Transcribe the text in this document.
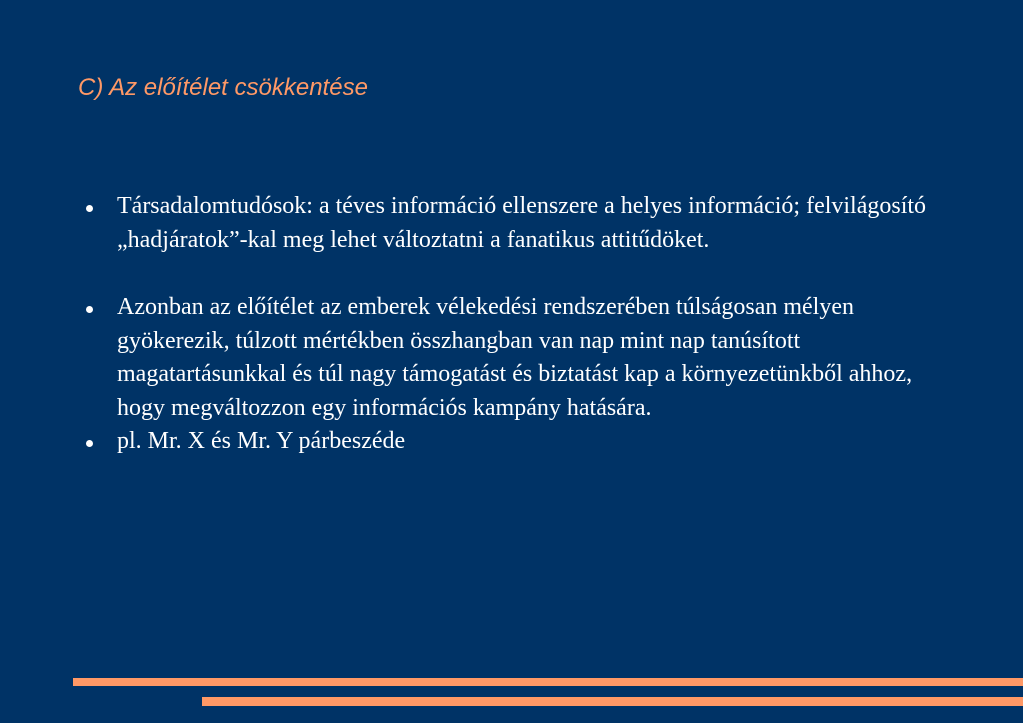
C) Az előítélet csökkentése
Társadalomtudósok: a téves információ ellenszere a helyes információ; felvilágosító „hadjáratok”-kal meg lehet változtatni a fanatikus attitűdöket.
Azonban az előítélet az emberek vélekedési rendszerében túlságosan mélyen gyökerezik, túlzott mértékben összhangban van nap mint nap tanúsított magatartásunkkal és túl nagy támogatást és biztatást kap a környezetünkből ahhoz, hogy megváltozzon egy információs kampány hatására.
pl. Mr. X és Mr. Y párbeszéde
